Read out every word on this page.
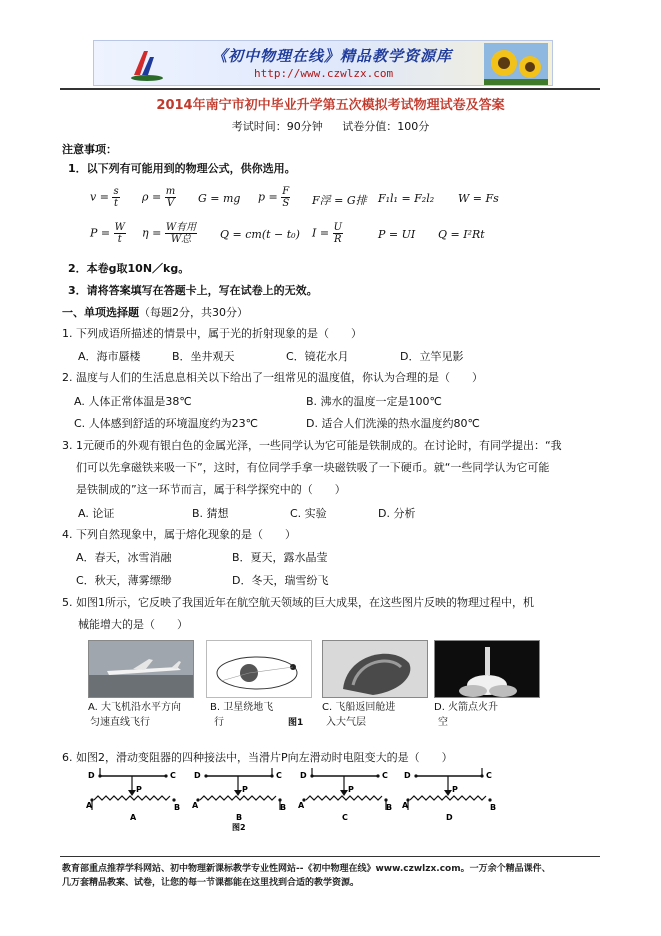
《初中物理在线》精品教学资源库
http://www.czwlzx.com
2014年南宁市初中毕业升学第五次模拟考试物理试卷及答案
考试时间：90分钟 试卷分值：100分
注意事项：
1．以下列有可能用到的物理公式，供你选用。
$v = \frac{s}{t}$ $\rho = \frac{m}{V}$ G = mg $p = \frac{F}{S}$ F浮 = G排 F₁l₁ = F₂l₂ W = Fs
$P = \frac{W}{t}$ $\eta = \frac{\text{W有用}}{\text{W总}}$ Q = cm(t − t₀) $I = \frac{U}{R}$	P = UI Q = I²Rt
2．本卷g取10N／kg。
3．请将答案填写在答题卡上，写在试卷上的无效。
一、单项选择题（每题2分，共30分）
1. 下列成语所描述的情景中，属于光的折射现象的是（　　）
A．海市蜃楼	B．坐井观天	C．镜花水月	D．立竿见影
2. 温度与人们的生活息息相关以下给出了一组常见的温度值，你认为合理的是（　　）
A. 人体正常体温是38℃	B. 沸水的温度一定是100℃
C. 人体感到舒适的环境温度约为23℃	D. 适合人们洗澡的热水温度约80℃
3. 1元硬币的外观有银白色的金属光泽，一些同学认为它可能是铁制成的。在讨论时，有同学提出：“我
们可以先拿磁铁来吸一下”，这时，有位同学手拿一块磁铁吸了一下硬币。就“一些同学认为它可能
是铁制成的”这一环节而言，属于科学探究中的（　　）
A. 论证	B. 猜想	C. 实验	D. 分析
4. 下列自然现象中，属于熔化现象的是（　　）
A．春天，冰雪消融	B．夏天，露水晶莹
C．秋天，薄雾缥缈	D．冬天，瑞雪纷飞
5. 如图1所示，它反映了我国近年在航空航天领域的巨大成果，在这些图片反映的物理过程中，机
械能增大的是（　　）
A. 大飞机沿水平方向
匀速直线飞行
B. 卫星绕地飞
行	图1
C. 飞船返回舱进
入大气层
D. 火箭点火升
空
6. 如图2，滑动变阻器的四种接法中，当滑片P向左滑动时电阻变大的是（　　）
D	C
A	B
P
A
D	C
A	B
P
B
图2
D	C
A	B
P
C
D	C
A	B
P
D
教育部重点推荐学科网站、初中物理新课标教学专业性网站--《初中物理在线》www.czwlzx.com。一万余个精品课件、
几万套精品教案、试卷，让您的每一节课都能在这里找到合适的教学资源。
